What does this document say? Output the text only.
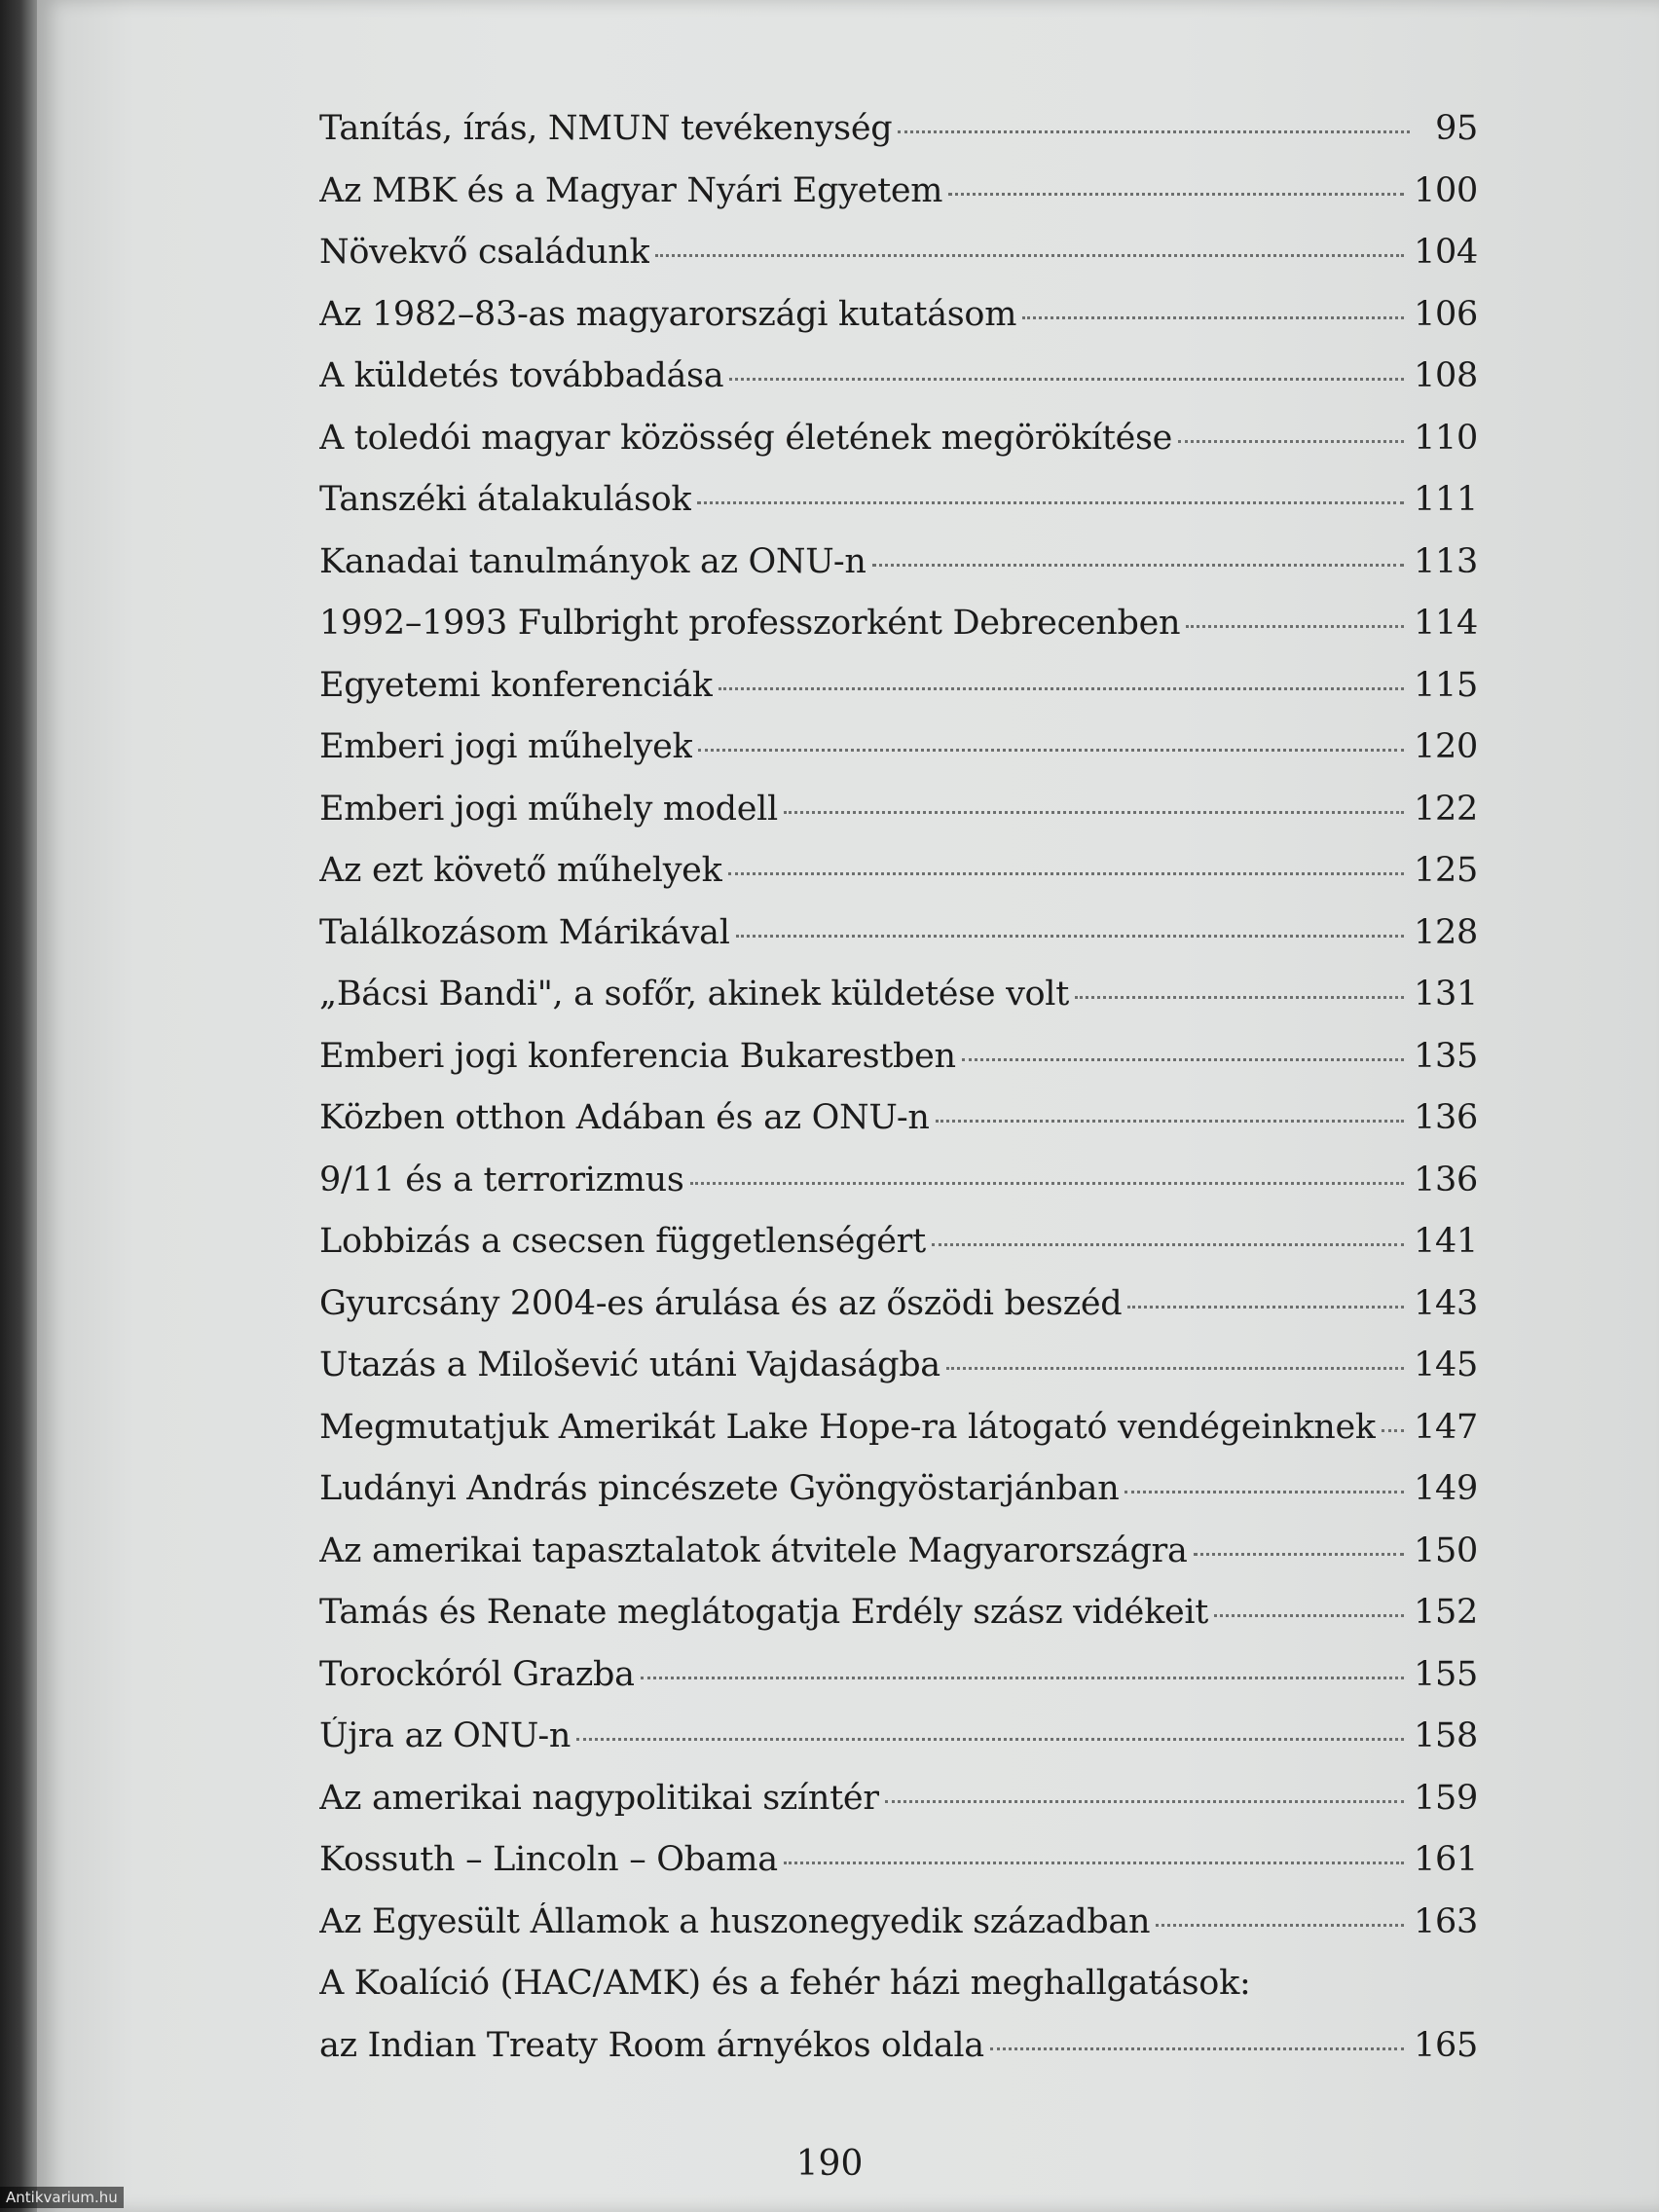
Tanítás, írás, NMUN tevékenység	95
Az MBK és a Magyar Nyári Egyetem	100
Növekvő családunk	104
Az 1982–83-as magyarországi kutatásom	106
A küldetés továbbadása	108
A toledói magyar közösség életének megörökítése	110
Tanszéki átalakulások	111
Kanadai tanulmányok az ONU-n	113
1992–1993 Fulbright professzorként Debrecenben	114
Egyetemi konferenciák	115
Emberi jogi műhelyek	120
Emberi jogi műhely modell	122
Az ezt követő műhelyek	125
Találkozásom Márikával	128
„Bácsi Bandi", a sofőr, akinek küldetése volt	131
Emberi jogi konferencia Bukarestben	135
Közben otthon Adában és az ONU-n	136
9/11 és a terrorizmus	136
Lobbizás a csecsen függetlenségért	141
Gyurcsány 2004-es árulása és az őszödi beszéd	143
Utazás a Milošević utáni Vajdaságba	145
Megmutatjuk Amerikát Lake Hope-ra látogató vendégeinknek 147
Ludányi András pincészete Gyöngyöstarjánban	149
Az amerikai tapasztalatok átvitele Magyarországra	150
Tamás és Renate meglátogatja Erdély szász vidékeit	152
Torockóról Grazba	155
Újra az ONU-n	158
Az amerikai nagypolitikai színtér	159
Kossuth – Lincoln – Obama	161
Az Egyesült Államok a huszonegyedik században	163
A Koalíció (HAC/AMK) és a fehér házi meghallgatások:
az Indian Treaty Room árnyékos oldala	165
190
Antikvarium.hu
